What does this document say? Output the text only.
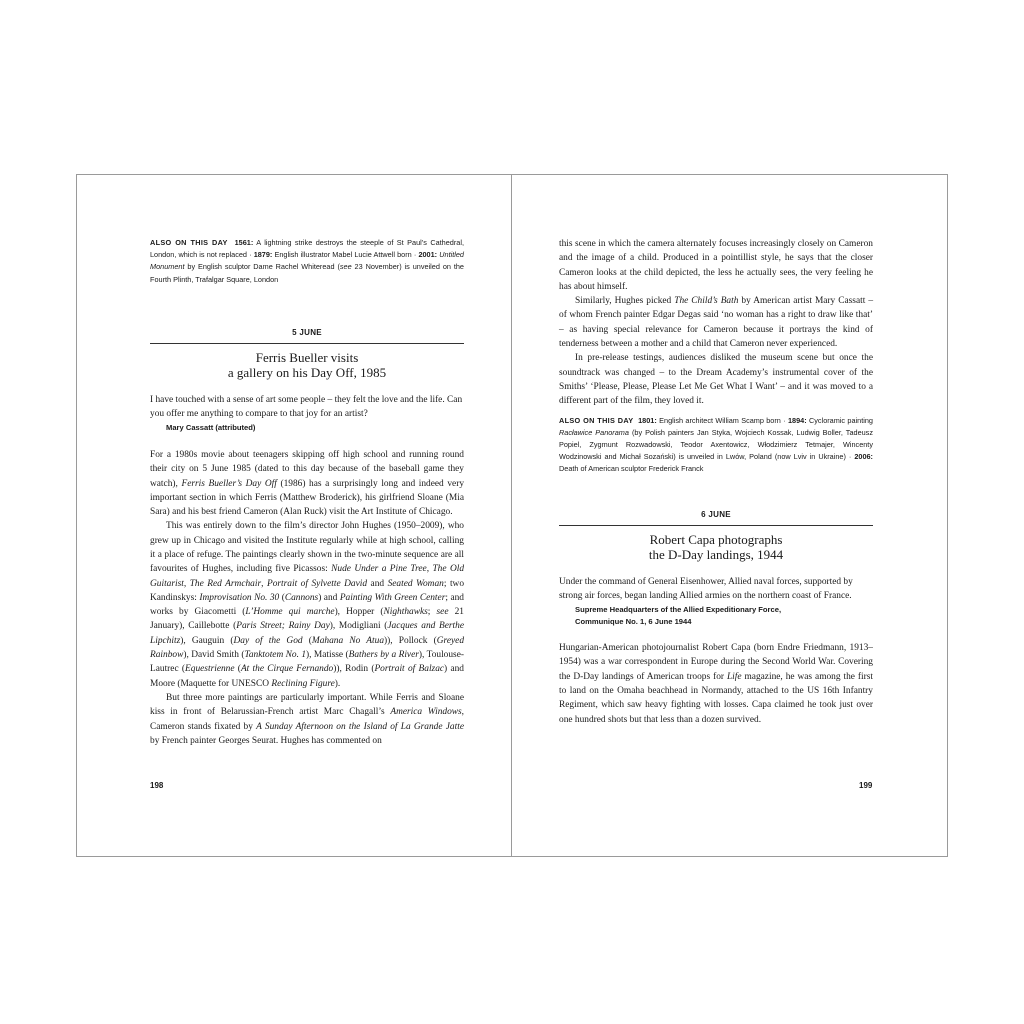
ALSO ON THIS DAY 1561: A lightning strike destroys the steeple of St Paul’s Cathedral, London, which is not replaced · 1879: English illustrator Mabel Lucie Attwell born · 2001: Untitled Monument by English sculptor Dame Rachel Whiteread (see 23 November) is unveiled on the Fourth Plinth, Trafalgar Square, London
5 JUNE
Ferris Bueller visits
a gallery on his Day Off, 1985
I have touched with a sense of art some people – they felt the love and the life. Can you offer me anything to compare to that joy for an artist?
Mary Cassatt (attributed)

For a 1980s movie about teenagers skipping off high school and running round their city on 5 June 1985 (dated to this day because of the baseball game they watch), Ferris Bueller’s Day Off (1986) has a surprisingly long and indeed very important section in which Ferris (Matthew Broderick), his girlfriend Sloane (Mia Sara) and his best friend Cameron (Alan Ruck) visit the Art Institute of Chicago.

This was entirely down to the film’s director John Hughes (1950–2009), who grew up in Chicago and visited the Institute regularly while at high school, calling it a place of refuge. The paintings clearly shown in the two-minute sequence are all favourites of Hughes, including five Picassos: Nude Under a Pine Tree, The Old Guitarist, The Red Armchair, Portrait of Sylvette David and Seated Woman; two Kandinskys: Improvisation No. 30 (Cannons) and Painting With Green Center; and works by Giacometti (L’Homme qui marche), Hopper (Nighthawks; see 21 January), Caillebotte (Paris Street; Rainy Day), Modigliani (Jacques and Berthe Lipchitz), Gauguin (Day of the God (Mahana No Atua)), Pollock (Greyed Rainbow), David Smith (Tanktotem No. 1), Matisse (Bathers by a River), Toulouse-Lautrec (Equestrienne (At the Cirque Fernando)), Rodin (Portrait of Balzac) and Moore (Maquette for UNESCO Reclining Figure).

But three more paintings are particularly important. While Ferris and Sloane kiss in front of Belarussian-French artist Marc Chagall’s America Windows, Cameron stands fixated by A Sunday Afternoon on the Island of La Grande Jatte by French painter Georges Seurat. Hughes has commented on

198

this scene in which the camera alternately focuses increasingly closely on Cameron and the image of a child. Produced in a pointillist style, he says that the closer Cameron looks at the child depicted, the less he actually sees, the very feeling he has about himself.

Similarly, Hughes picked The Child’s Bath by American artist Mary Cassatt – of whom French painter Edgar Degas said ‘no woman has a right to draw like that’ – as having special relevance for Cameron because it portrays the kind of tenderness between a mother and a child that Cameron never experienced.

In pre-release testings, audiences disliked the museum scene but once the soundtrack was changed – to the Dream Academy’s instrumental cover of the Smiths’ ‘Please, Please, Please Let Me Get What I Want’ – and it was moved to a different part of the film, they loved it.

ALSO ON THIS DAY 1801: English architect William Scamp born · 1894: Cycloramic painting Racławice Panorama (by Polish painters Jan Styka, Wojciech Kossak, Ludwig Boller, Tadeusz Popiel, Zygmunt Rozwadowski, Teodor Axentowicz, Włodzimierz Tetmajer, Wincenty Wodzinowski and Michał Sozański) is unveiled in Lwów, Poland (now Lviv in Ukraine) · 2006: Death of American sculptor Frederick Franck
6 JUNE
Robert Capa photographs
the D-Day landings, 1944
Under the command of General Eisenhower, Allied naval forces, supported by strong air forces, began landing Allied armies on the northern coast of France.
Supreme Headquarters of the Allied Expeditionary Force,
Communique No. 1, 6 June 1944

Hungarian-American photojournalist Robert Capa (born Endre Friedmann, 1913–1954) was a war correspondent in Europe during the Second World War. Covering the D-Day landings of American troops for Life magazine, he was among the first to land on the Omaha beachhead in Normandy, attached to the US 16th Infantry Regiment, which saw heavy fighting with losses. Capa claimed he took just over one hundred shots but that less than a dozen survived.

199
